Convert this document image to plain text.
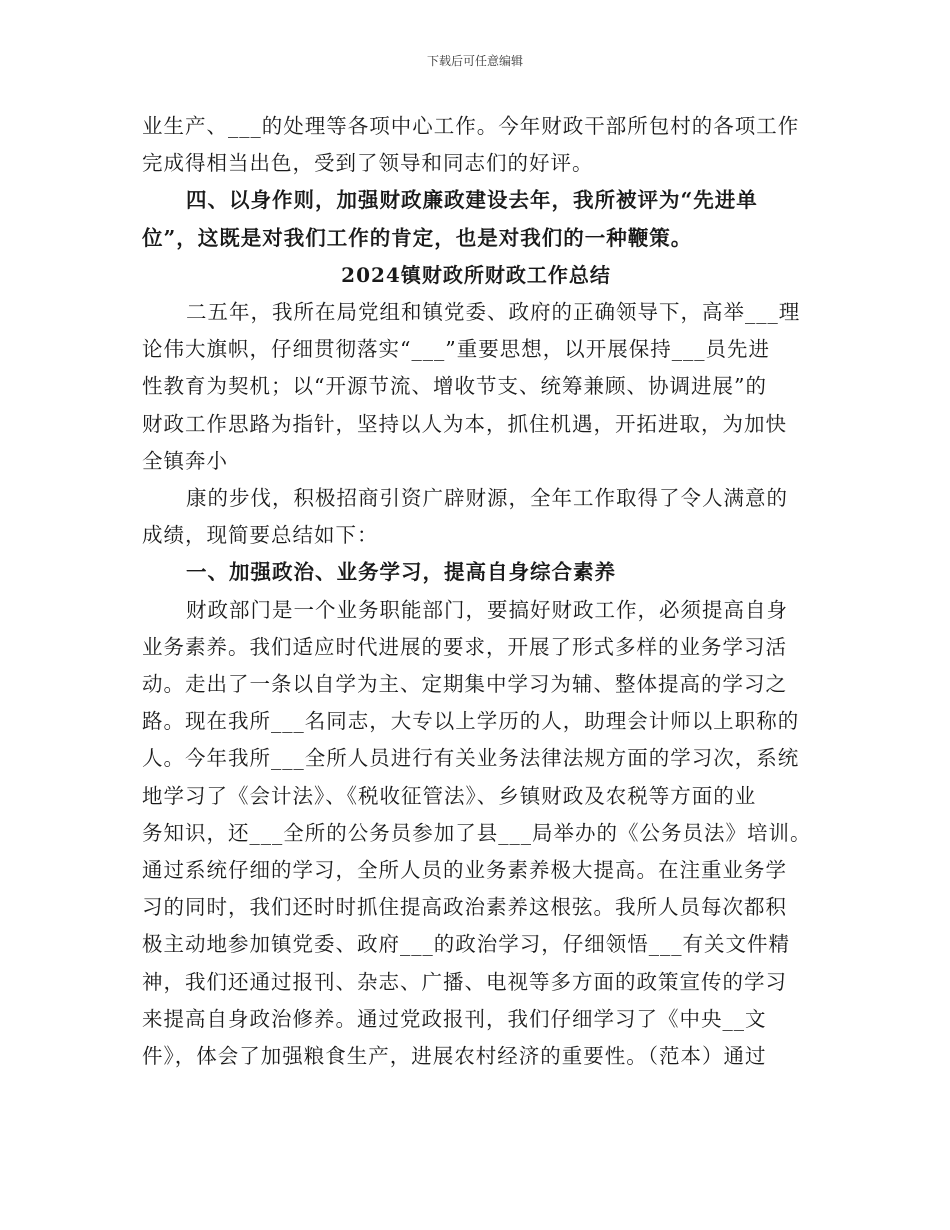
下载后可任意编辑

业生产、___的处理等各项中心工作。今年财政干部所包村的各项工作

完成得相当出色，受到了领导和同志们的好评。

四、以身作则，加强财政廉政建设去年，我所被评为“先进单

位”，这既是对我们工作的肯定，也是对我们的一种鞭策。

2024镇财政所财政工作总结

二五年，我所在局党组和镇党委、政府的正确领导下，高举___理

论伟大旗帜，仔细贯彻落实“___”重要思想，以开展保持___员先进

性教育为契机；以“开源节流、增收节支、统筹兼顾、协调进展”的

财政工作思路为指针，坚持以人为本，抓住机遇，开拓进取，为加快

全镇奔小

康的步伐，积极招商引资广辟财源，全年工作取得了令人满意的

成绩，现简要总结如下：

一、加强政治、业务学习，提高自身综合素养

财政部门是一个业务职能部门，要搞好财政工作，必须提高自身

业务素养。我们适应时代进展的要求，开展了形式多样的业务学习活

动。走出了一条以自学为主、定期集中学习为辅、整体提高的学习之

路。现在我所___名同志，大专以上学历的人，助理会计师以上职称的

人。今年我所___全所人员进行有关业务法律法规方面的学习次，系统

地学习了《会计法》、《税收征管法》、乡镇财政及农税等方面的业

务知识，还___全所的公务员参加了县___局举办的《公务员法》培训。

通过系统仔细的学习，全所人员的业务素养极大提高。在注重业务学

习的同时，我们还时时抓住提高政治素养这根弦。我所人员每次都积

极主动地参加镇党委、政府___的政治学习，仔细领悟___有关文件精

神，我们还通过报刊、杂志、广播、电视等多方面的政策宣传的学习

来提高自身政治修养。通过党政报刊，我们仔细学习了《中央__文

件》，体会了加强粮食生产，进展农村经济的重要性。（范本）通过
